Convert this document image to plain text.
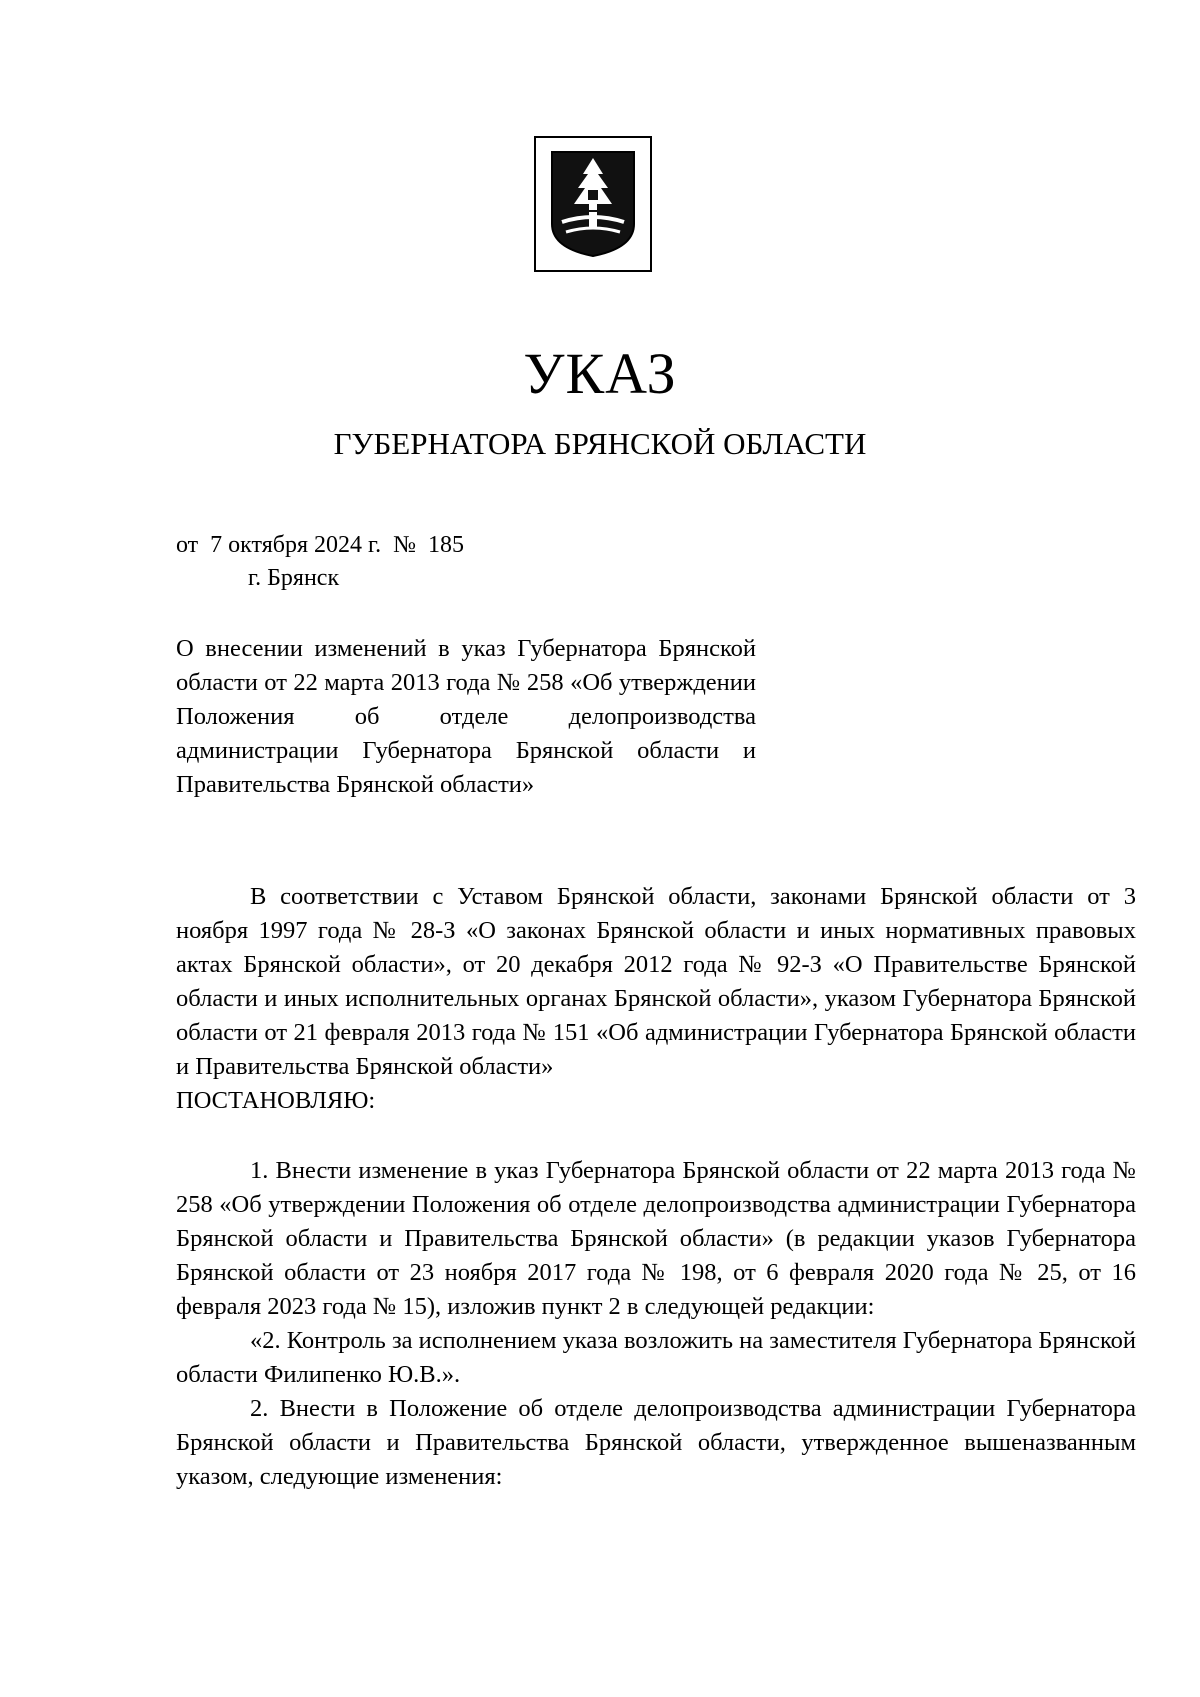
УКАЗ
ГУБЕРНАТОРА БРЯНСКОЙ ОБЛАСТИ
от  7 октября 2024 г.  №  185
г. Брянск
О внесении изменений в указ Губернатора Брянской области от 22 марта 2013 года № 258 «Об утверждении Положения об отделе делопроизводства администрации Губернатора Брянской области и Правительства Брянской области»

В соответствии с Уставом Брянской области, законами Брянской области от 3 ноября 1997 года № 28-З «О законах Брянской области и иных нормативных правовых актах Брянской области», от 20 декабря 2012 года № 92-З «О Правительстве Брянской области и иных исполнительных органах Брянской области», указом Губернатора Брянской области от 21 февраля 2013 года № 151 «Об администрации Губернатора Брянской области и Правительства Брянской области»

ПОСТАНОВЛЯЮ:

1. Внести изменение в указ Губернатора Брянской области от 22 марта 2013 года № 258 «Об утверждении Положения об отделе делопроизводства администрации Губернатора Брянской области и Правительства Брянской области» (в редакции указов Губернатора Брянской области от 23 ноября 2017 года № 198, от 6 февраля 2020 года № 25, от 16 февраля 2023 года № 15), изложив пункт 2 в следующей редакции:

«2. Контроль за исполнением указа возложить на заместителя Губернатора Брянской области Филипенко Ю.В.».

2. Внести в Положение об отделе делопроизводства администрации Губернатора Брянской области и Правительства Брянской области, утвержденное вышеназванным указом, следующие изменения:
